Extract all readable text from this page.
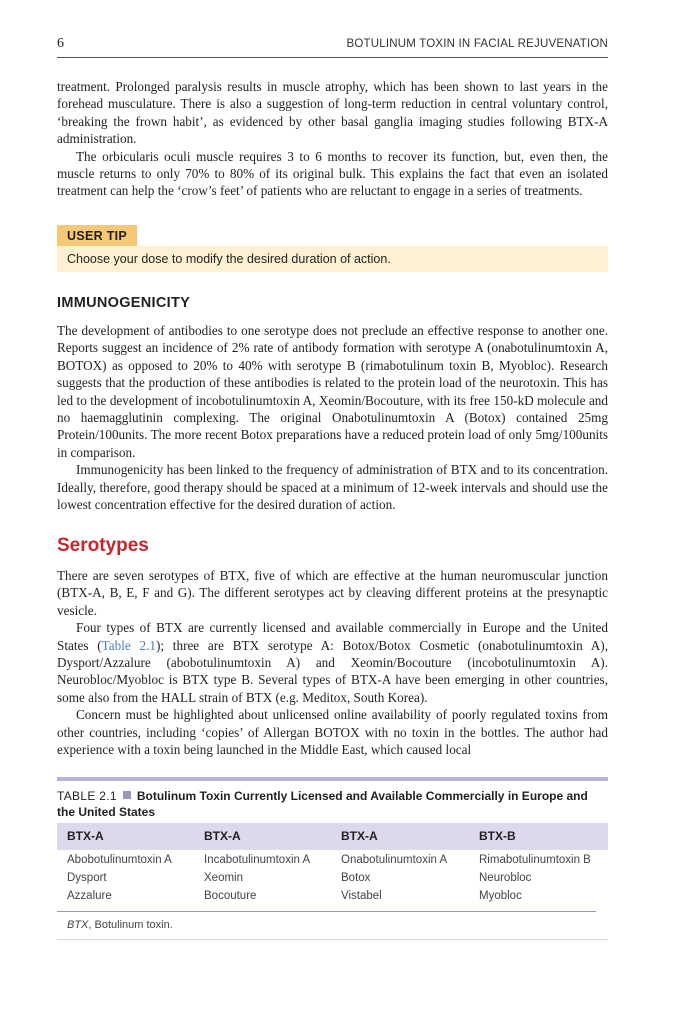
6	BOTULINUM TOXIN IN FACIAL REJUVENATION

treatment. Prolonged paralysis results in muscle atrophy, which has been shown to last years in the forehead musculature. There is also a suggestion of long-term reduction in central voluntary control, ‘breaking the frown habit’, as evidenced by other basal ganglia imaging studies following BTX-A administration.

The orbicularis oculi muscle requires 3 to 6 months to recover its function, but, even then, the muscle returns to only 70% to 80% of its original bulk. This explains the fact that even an isolated treatment can help the ‘crow’s feet’ of patients who are reluctant to engage in a series of treatments.

USER TIP
Choose your dose to modify the desired duration of action.
IMMUNOGENICITY

The development of antibodies to one serotype does not preclude an effective response to another one. Reports suggest an incidence of 2% rate of antibody formation with serotype A (onabotulinumtoxin A, BOTOX) as opposed to 20% to 40% with serotype B (rimabotulinum toxin B, Myobloc). Research suggests that the production of these antibodies is related to the protein load of the neurotoxin. This has led to the development of incobotulinumtoxin A, Xeomin/Bocouture, with its free 150-kD molecule and no haemagglutinin complexing. The original Onabotulinumtoxin A (Botox) contained 25mg Protein/100units. The more recent Botox preparations have a reduced protein load of only 5mg/100units in comparison.

Immunogenicity has been linked to the frequency of administration of BTX and to its concentration. Ideally, therefore, good therapy should be spaced at a minimum of 12-week intervals and should use the lowest concentration effective for the desired duration of action.

Serotypes

There are seven serotypes of BTX, five of which are effective at the human neuromuscular junction (BTX-A, B, E, F and G). The different serotypes act by cleaving different proteins at the presynaptic vesicle.

Four types of BTX are currently licensed and available commercially in Europe and the United States (Table 2.1); three are BTX serotype A: Botox/Botox Cosmetic (onabotulinumtoxin A), Dysport/Azzalure (abobotulinumtoxin A) and Xeomin/Bocouture (incobotulinumtoxin A). Neurobloc/Myobloc is BTX type B. Several types of BTX-A have been emerging in other countries, some also from the HALL strain of BTX (e.g. Meditox, South Korea).

Concern must be highlighted about unlicensed online availability of poorly regulated toxins from other countries, including ‘copies’ of Allergan BOTOX with no toxin in the bottles. The author had experience with a toxin being launched in the Middle East, which caused local

TABLE 2.1 Botulinum Toxin Currently Licensed and Available Commercially in Europe and the United States
BTX-A	BTX-A	BTX-A	BTX-B
Abobotulinumtoxin A	Incabotulinumtoxin A	Onabotulinumtoxin A	Rimabotulinumtoxin B
Dysport	Xeomin	Botox	Neurobloc
Azzalure	Bocouture	Vistabel	Myobloc
BTX, Botulinum toxin.
